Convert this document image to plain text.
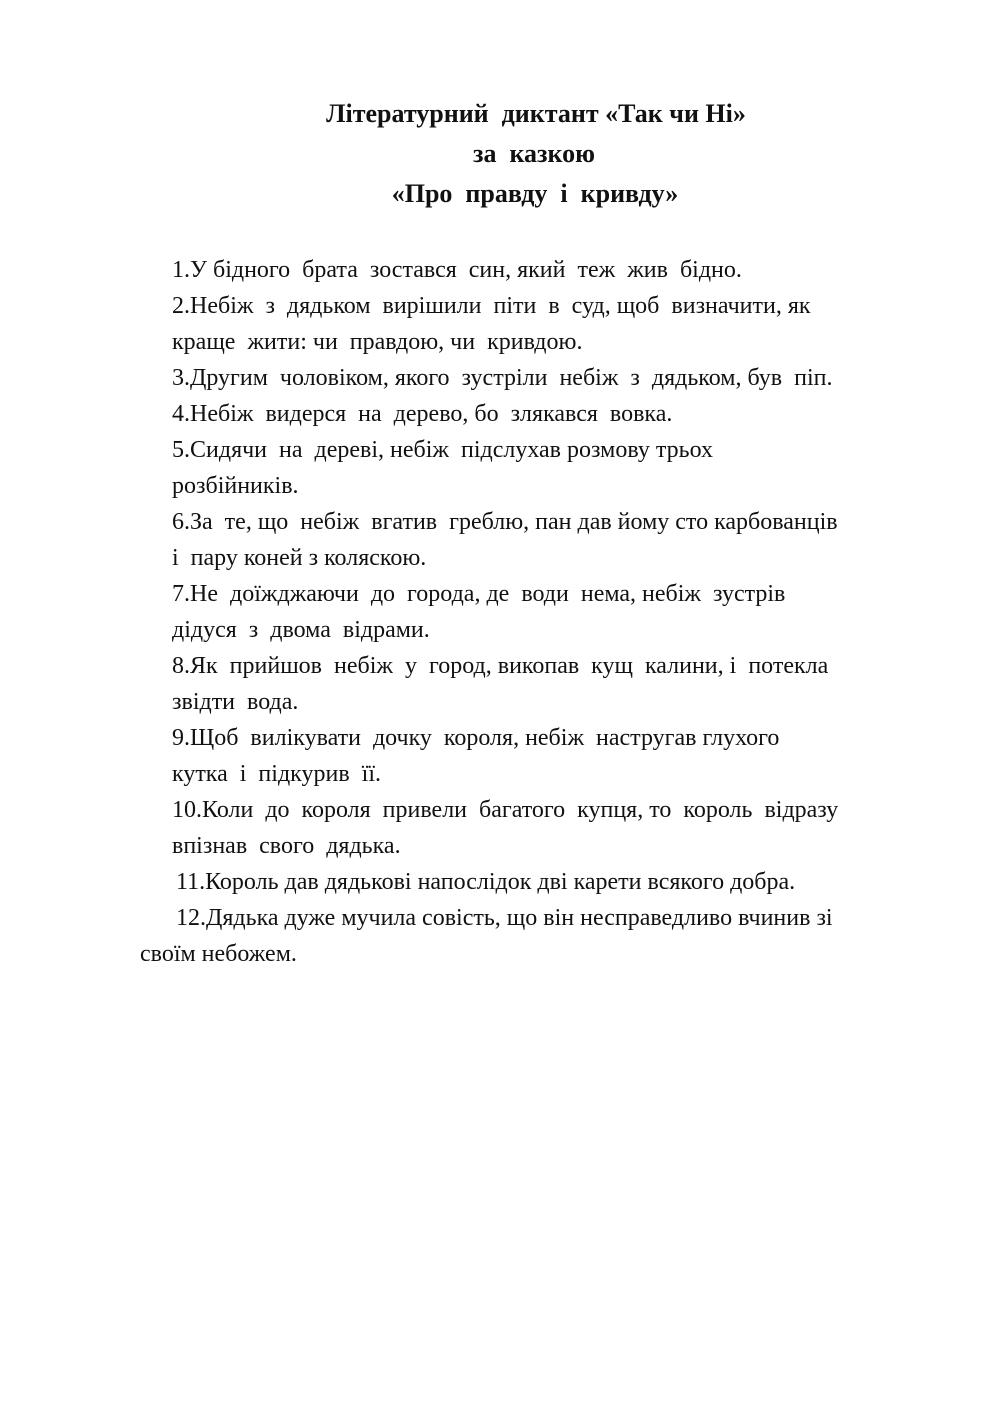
Літературний  диктант «Так чи Ні»
за  казкою
«Про  правду  і  кривду»
1.У бідного  брата  зостався  син, який  теж  жив  бідно.
2.Небіж  з  дядьком  вирішили  піти  в  суд, щоб  визначити, як
краще  жити: чи  правдою, чи  кривдою.
3.Другим  чоловіком, якого  зустріли  небіж  з  дядьком, був  піп.
4.Небіж  видерся  на  дерево, бо  злякався  вовка.
5.Сидячи  на  дереві, небіж  підслухав розмову трьох
розбійників.
6.За  те, що  небіж  вгатив  греблю, пан дав йому сто карбованців
і  пару коней з коляскою.
7.Не  доїжджаючи  до  города, де  води  нема, небіж  зустрів
дідуся  з  двома  відрами.
8.Як  прийшов  небіж  у  город, викопав  кущ  калини, і  потекла
звідти  вода.
9.Щоб  вилікувати  дочку  короля, небіж  настругав глухого
кутка  і  підкурив  її.
10.Коли  до  короля  привели  багатого  купця, то  король  відразу
впізнав  свого  дядька.
11.Король дав дядькові напослідок дві карети всякого добра.
12.Дядька дуже мучила совість, що він несправедливо вчинив зі
своїм небожем.
